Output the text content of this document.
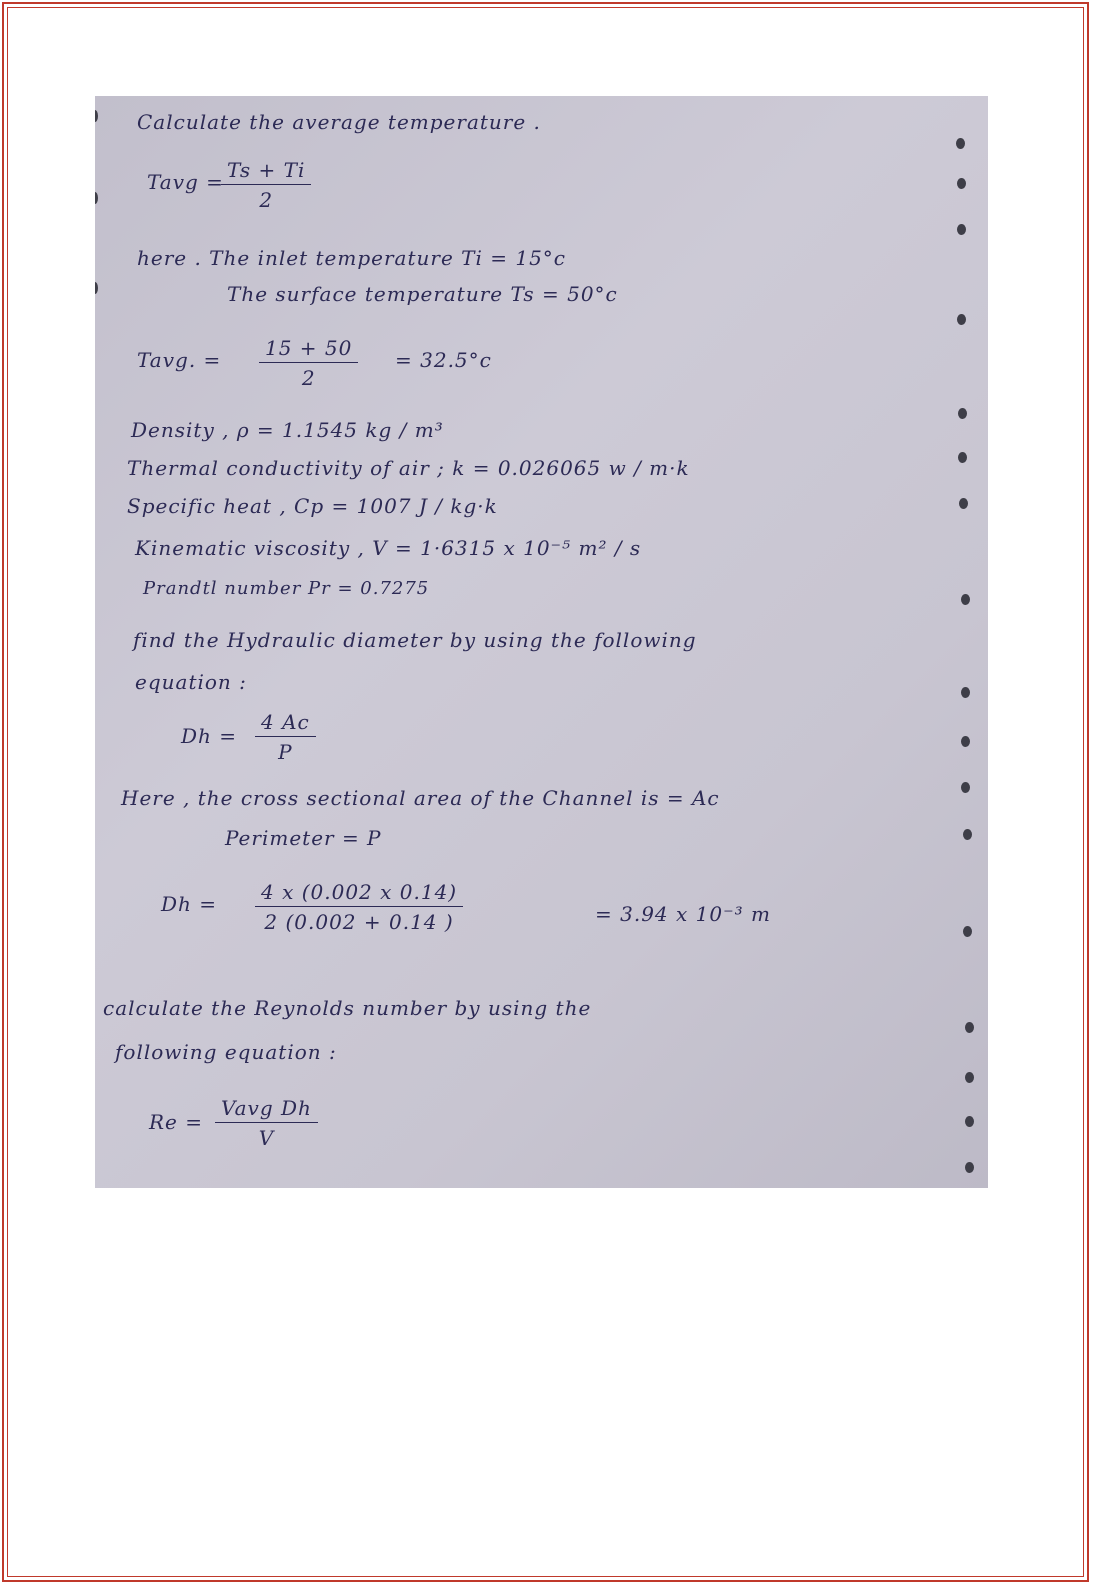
Calculate the average temperature .
Tavg =
$\frac{Ts + Ti}{2}$
here . The inlet temperature Ti = 15°c
The surface temperature Ts = 50°c
Tavg. = $\frac{15 + 50}{2} = 32.5^\circ c$
Density , ρ = 1.1545 kg / m³
Thermal conductivity of air ; k = 0.026065 w / m·k
Specific heat , Cp = 1007 J / kg·k
Kinematic viscosity , V = 1·6315 x 10⁻⁵ m² / s
Prandtl number Pr = 0.7275
find the Hydraulic diameter by using the following
equation :
$Dh = \frac{4 Ac}{P}$
Here , the cross sectional area of the Channel is = Ac
Perimeter = P
$Dh = \frac{4 x (0.002 x 0.14)}{2 (0.002 + 0.14 )}$	= 3.94 x 10⁻³ m
calculate the Reynolds number by using the
following equation :
Re =
Vavg Dh
V
